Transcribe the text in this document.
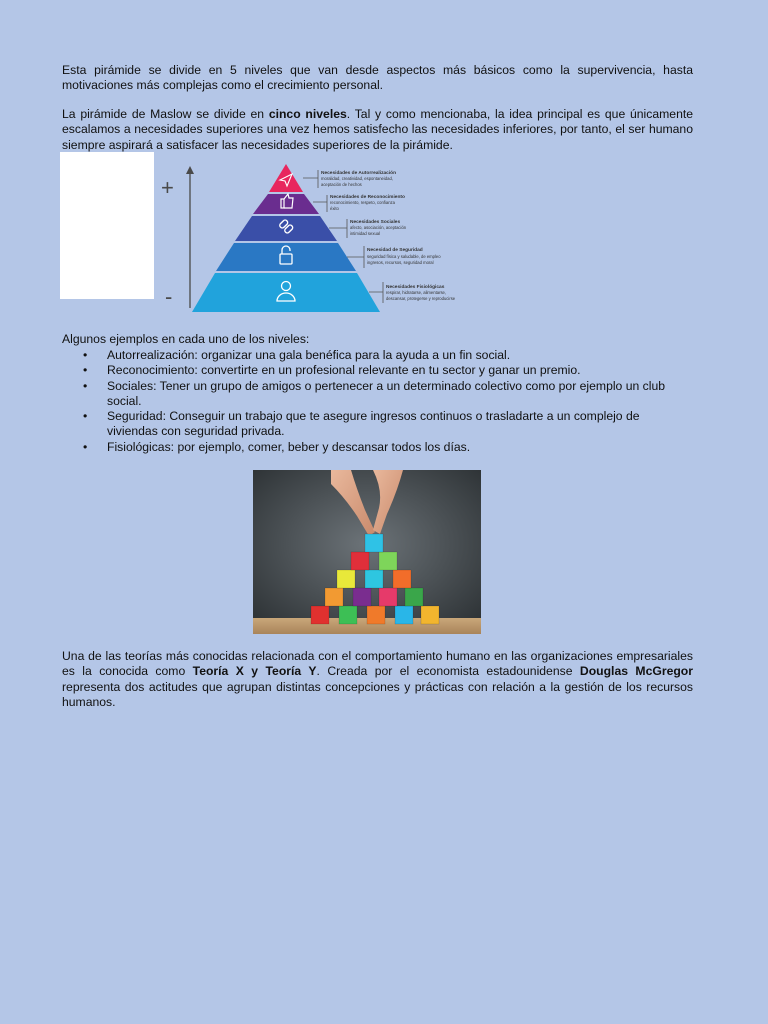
Esta pirámide se divide en 5 niveles que van desde aspectos más básicos como la supervivencia, hasta motivaciones más complejas como el crecimiento personal.

La pirámide de Maslow se divide en cinco niveles. Tal y como mencionaba, la idea principal es que únicamente escalamos a necesidades superiores una vez hemos satisfecho las necesidades inferiores, por tanto, el ser humano siempre aspirará a satisfacer las necesidades superiores de la pirámide.

+
-
Necesidades de Autorrealización
moralidad, creatividad, espontaneidad,
aceptación de hechos
Necesidades de Reconocimiento
reconocimiento, respeto, confianza
éxito
Necesidades Sociales
afecto, asociación, aceptación
intimidad sexual
Necesidad de Seguridad
seguridad física y saludable, de empleo
ingresos, recursos, seguridad moral
Necesidades Fisiológicas
respirar, hidratarse, alimentarse,
descansar, protegerse y reproducirse

Algunos ejemplos en cada uno de los niveles:

• Autorrealización: organizar una gala benéfica para la ayuda a un fin social.
• Reconocimiento: convertirte en un profesional relevante en tu sector y ganar un premio.
• Sociales: Tener un grupo de amigos o pertenecer a un determinado colectivo como por ejemplo un club
social.
• Seguridad: Conseguir un trabajo que te asegure ingresos continuos o trasladarte a un complejo de
viviendas con seguridad privada.
• Fisiológicas: por ejemplo, comer, beber y descansar todos los días.

Una de las teorías más conocidas relacionada con el comportamiento humano en las organizaciones empresariales es la conocida como Teoría X y Teoría Y. Creada por el economista estadounidense Douglas McGregor representa dos actitudes que agrupan distintas concepciones y prácticas con relación a la gestión de los recursos humanos.
